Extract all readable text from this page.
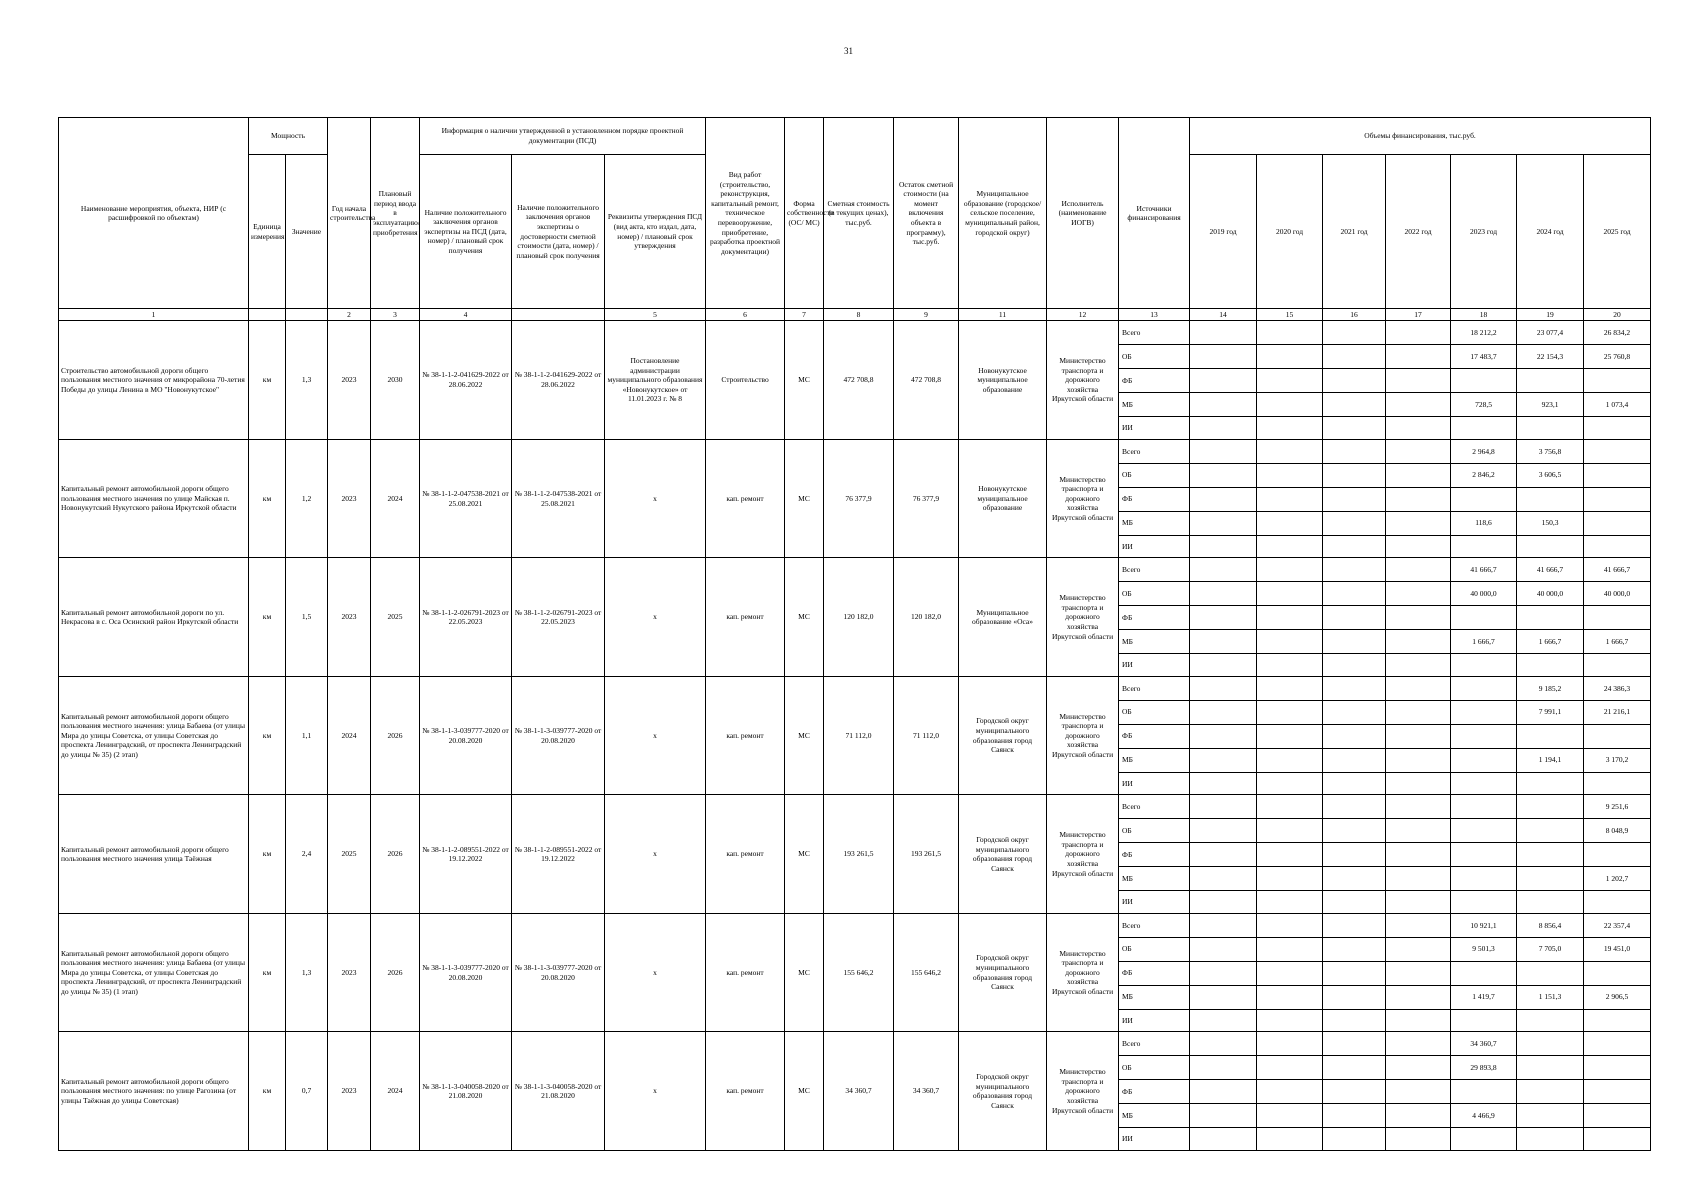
31
Наименование мероприятия, объекта, НИР (с расшифровкой по объектам)	Мощность		Год начала строительства	Плановый период ввода в эксплуатацию/приобретения	Информация о наличии утвержденной в установленном порядке проектной документации (ПСД)			Вид работ (строительство, реконструкция, капитальный ремонт, техническое перевооружение, приобретение, разработка проектной документации)	Форма собственности (ОС/ МС)	Сметная стоимость (в текущих ценах), тыс.руб.	Остаток сметной стоимости (на момент включения объекта в программу), тыс.руб.	Муниципальное образование (городское/сельское поселение, муниципальный район, городской округ)	Исполнитель (наименование ИОГВ)	Источники финансирования	Объемы финансирования, тыс.руб.						
	Единица измерения	Значение			Наличие положительного заключения органов экспертизы на ПСД (дата, номер) / плановый срок получения	Наличие положительного заключения органов экспертизы о достоверности сметной стоимости (дата, номер) / плановый срок получения	Реквизиты утверждения ПСД (вид акта, кто издал, дата, номер) / плановый срок утверждения								2019 год	2020 год	2021 год	2022 год	2023 год	2024 год	2025 год
1			2	3	4		5	6	7	8	9	11	12	13	14	15	16	17	18	19	20
Строительство автомобильной дороги общего пользования местного значения от микрорайона 70-летия Победы до улицы Ленина в МО "Новонукутское"	км	1,3	2023	2030	№ 38-1-1-2-041629-2022 от 28.06.2022	№ 38-1-1-2-041629-2022 от 28.06.2022	Постановление администрации муниципального образования «Новонукутское» от 11.01.2023 г. № 8	Строительство	МС	472 708,8	472 708,8	Новонукутское муниципальное образование	Министерство транспорта и дорожного хозяйства Иркутской области	Всего					18 212,2	23 077,4	26 834,2
														ОБ					17 483,7	22 154,3	25 760,8
														ФБ							
														МБ					728,5	923,1	1 073,4
														ИИ							
Капитальный ремонт автомобильной дороги общего пользования местного значения по улице Майская п. Новонукутский Нукутского района Иркутской области	км	1,2	2023	2024	№ 38-1-1-2-047538-2021 от 25.08.2021	№ 38-1-1-2-047538-2021 от 25.08.2021	х	кап. ремонт	МС	76 377,9	76 377,9	Новонукутское муниципальное образование	Министерство транспорта и дорожного хозяйства Иркутской области	Всего					2 964,8	3 756,8	
														ОБ					2 846,2	3 606,5	
														ФБ							
														МБ					118,6	150,3	
														ИИ							
Капитальный ремонт автомобильной дороги по ул. Некрасова в с. Оса Осинский район Иркутской области	км	1,5	2023	2025	№ 38-1-1-2-026791-2023 от 22.05.2023	№ 38-1-1-2-026791-2023 от 22.05.2023	х	кап. ремонт	МС	120 182,0	120 182,0	Муниципальное образование «Оса»	Министерство транспорта и дорожного хозяйства Иркутской области	Всего					41 666,7	41 666,7	41 666,7
														ОБ					40 000,0	40 000,0	40 000,0
														ФБ							
														МБ					1 666,7	1 666,7	1 666,7
														ИИ							
Капитальный ремонт автомобильной дороги общего пользования местного значения: улица Бабаева (от улицы Мира до улицы Советска, от улицы Советская до проспекта Ленинградский, от проспекта Ленинградский до улицы № 35) (2 этап)	км	1,1	2024	2026	№ 38-1-1-3-039777-2020 от 20.08.2020	№ 38-1-1-3-039777-2020 от 20.08.2020	х	кап. ремонт	МС	71 112,0	71 112,0	Городской округ муниципального образования город Саянск	Министерство транспорта и дорожного хозяйства Иркутской области	Всего						9 185,2	24 386,3
														ОБ						7 991,1	21 216,1
														ФБ							
														МБ						1 194,1	3 170,2
														ИИ							
Капитальный ремонт автомобильной дороги общего пользования местного значения улица Таёжная	км	2,4	2025	2026	№ 38-1-1-2-089551-2022 от 19.12.2022	№ 38-1-1-2-089551-2022 от 19.12.2022	х	кап. ремонт	МС	193 261,5	193 261,5	Городской округ муниципального образования город Саянск	Министерство транспорта и дорожного хозяйства Иркутской области	Всего							9 251,6
														ОБ							8 048,9
														ФБ							
														МБ							1 202,7
														ИИ							
Капитальный ремонт автомобильной дороги общего пользования местного значения: улица Бабаева (от улицы Мира до улицы Советска, от улицы Советская до проспекта Ленинградский, от проспекта Ленинградский до улицы № 35) (1 этап)	км	1,3	2023	2026	№ 38-1-1-3-039777-2020 от 20.08.2020	№ 38-1-1-3-039777-2020 от 20.08.2020	х	кап. ремонт	МС	155 646,2	155 646,2	Городской округ муниципального образования город Саянск	Министерство транспорта и дорожного хозяйства Иркутской области	Всего					10 921,1	8 856,4	22 357,4
														ОБ					9 501,3	7 705,0	19 451,0
														ФБ							
														МБ					1 419,7	1 151,3	2 906,5
														ИИ							
Капитальный ремонт автомобильной дороги общего пользования местного значения: по улице Рагозина (от улицы Таёжная до улицы Советская)	км	0,7	2023	2024	№ 38-1-1-3-040058-2020 от 21.08.2020	№ 38-1-1-3-040058-2020 от 21.08.2020	х	кап. ремонт	МС	34 360,7	34 360,7	Городской округ муниципального образования город Саянск	Министерство транспорта и дорожного хозяйства Иркутской области	Всего					34 360,7		
														ОБ					29 893,8		
														ФБ							
														МБ					4 466,9		
														ИИ							
